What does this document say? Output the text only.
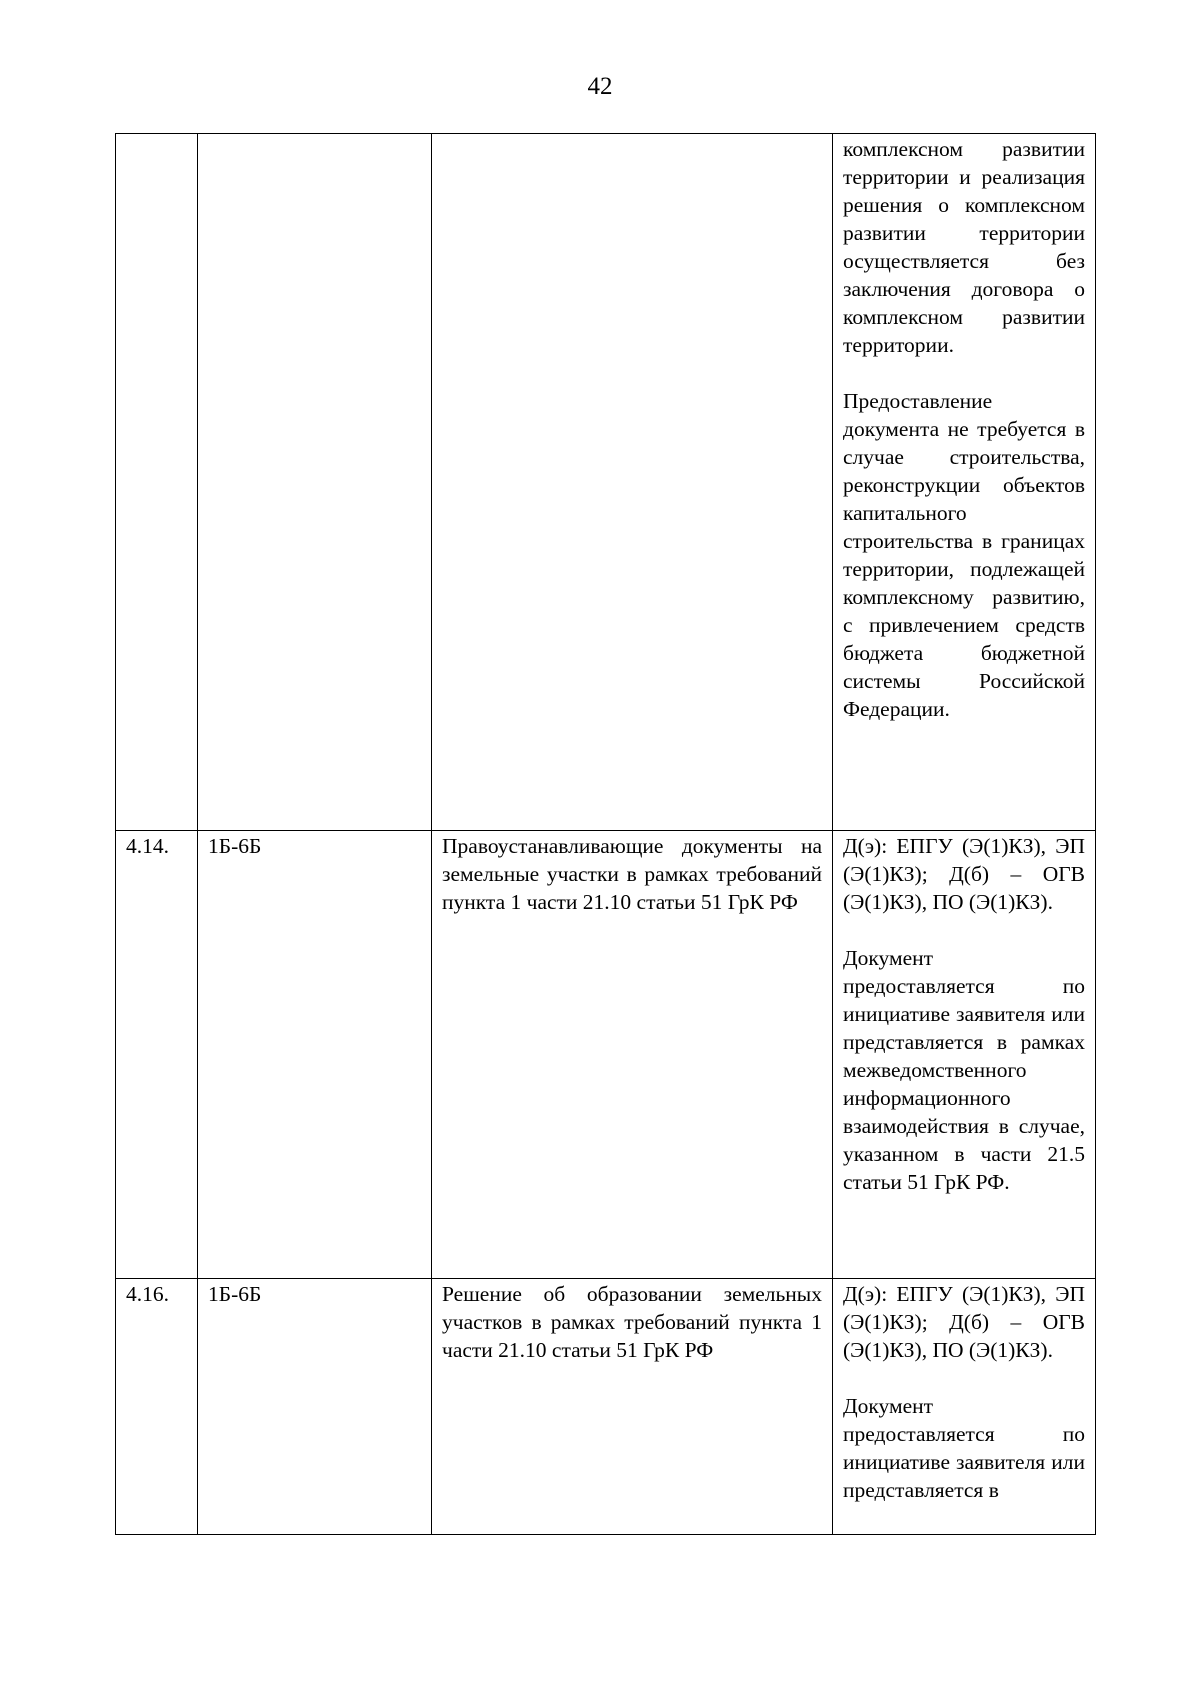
42

			комплексном развитии территории и реализация решения о комплексном развитии территории осуществляется без заключения договора о комплексном развитии территории.

Предоставление документа не требуется в случае строительства, реконструкции объектов капитального строительства в границах территории, подлежащей комплексному развитию, с привлечением средств бюджета бюджетной системы Российской Федерации.

4.14.	1Б-6Б	Правоустанавливающие документы на земельные участки в рамках требований пункта 1 части 21.10 статьи 51 ГрК РФ	Д(э): ЕПГУ (Э(1)КЗ), ЭП (Э(1)КЗ); Д(б) – ОГВ (Э(1)КЗ), ПО (Э(1)КЗ).

Документ предоставляется по инициативе заявителя или представляется в рамках межведомственного информационного взаимодействия в случае, указанном в части 21.5 статьи 51 ГрК РФ.

4.16.	1Б-6Б	Решение об образовании земельных участков в рамках требований пункта 1 части 21.10 статьи 51 ГрК РФ	Д(э): ЕПГУ (Э(1)КЗ), ЭП (Э(1)КЗ); Д(б) – ОГВ (Э(1)КЗ), ПО (Э(1)КЗ).

Документ предоставляется по инициативе заявителя или представляется в
